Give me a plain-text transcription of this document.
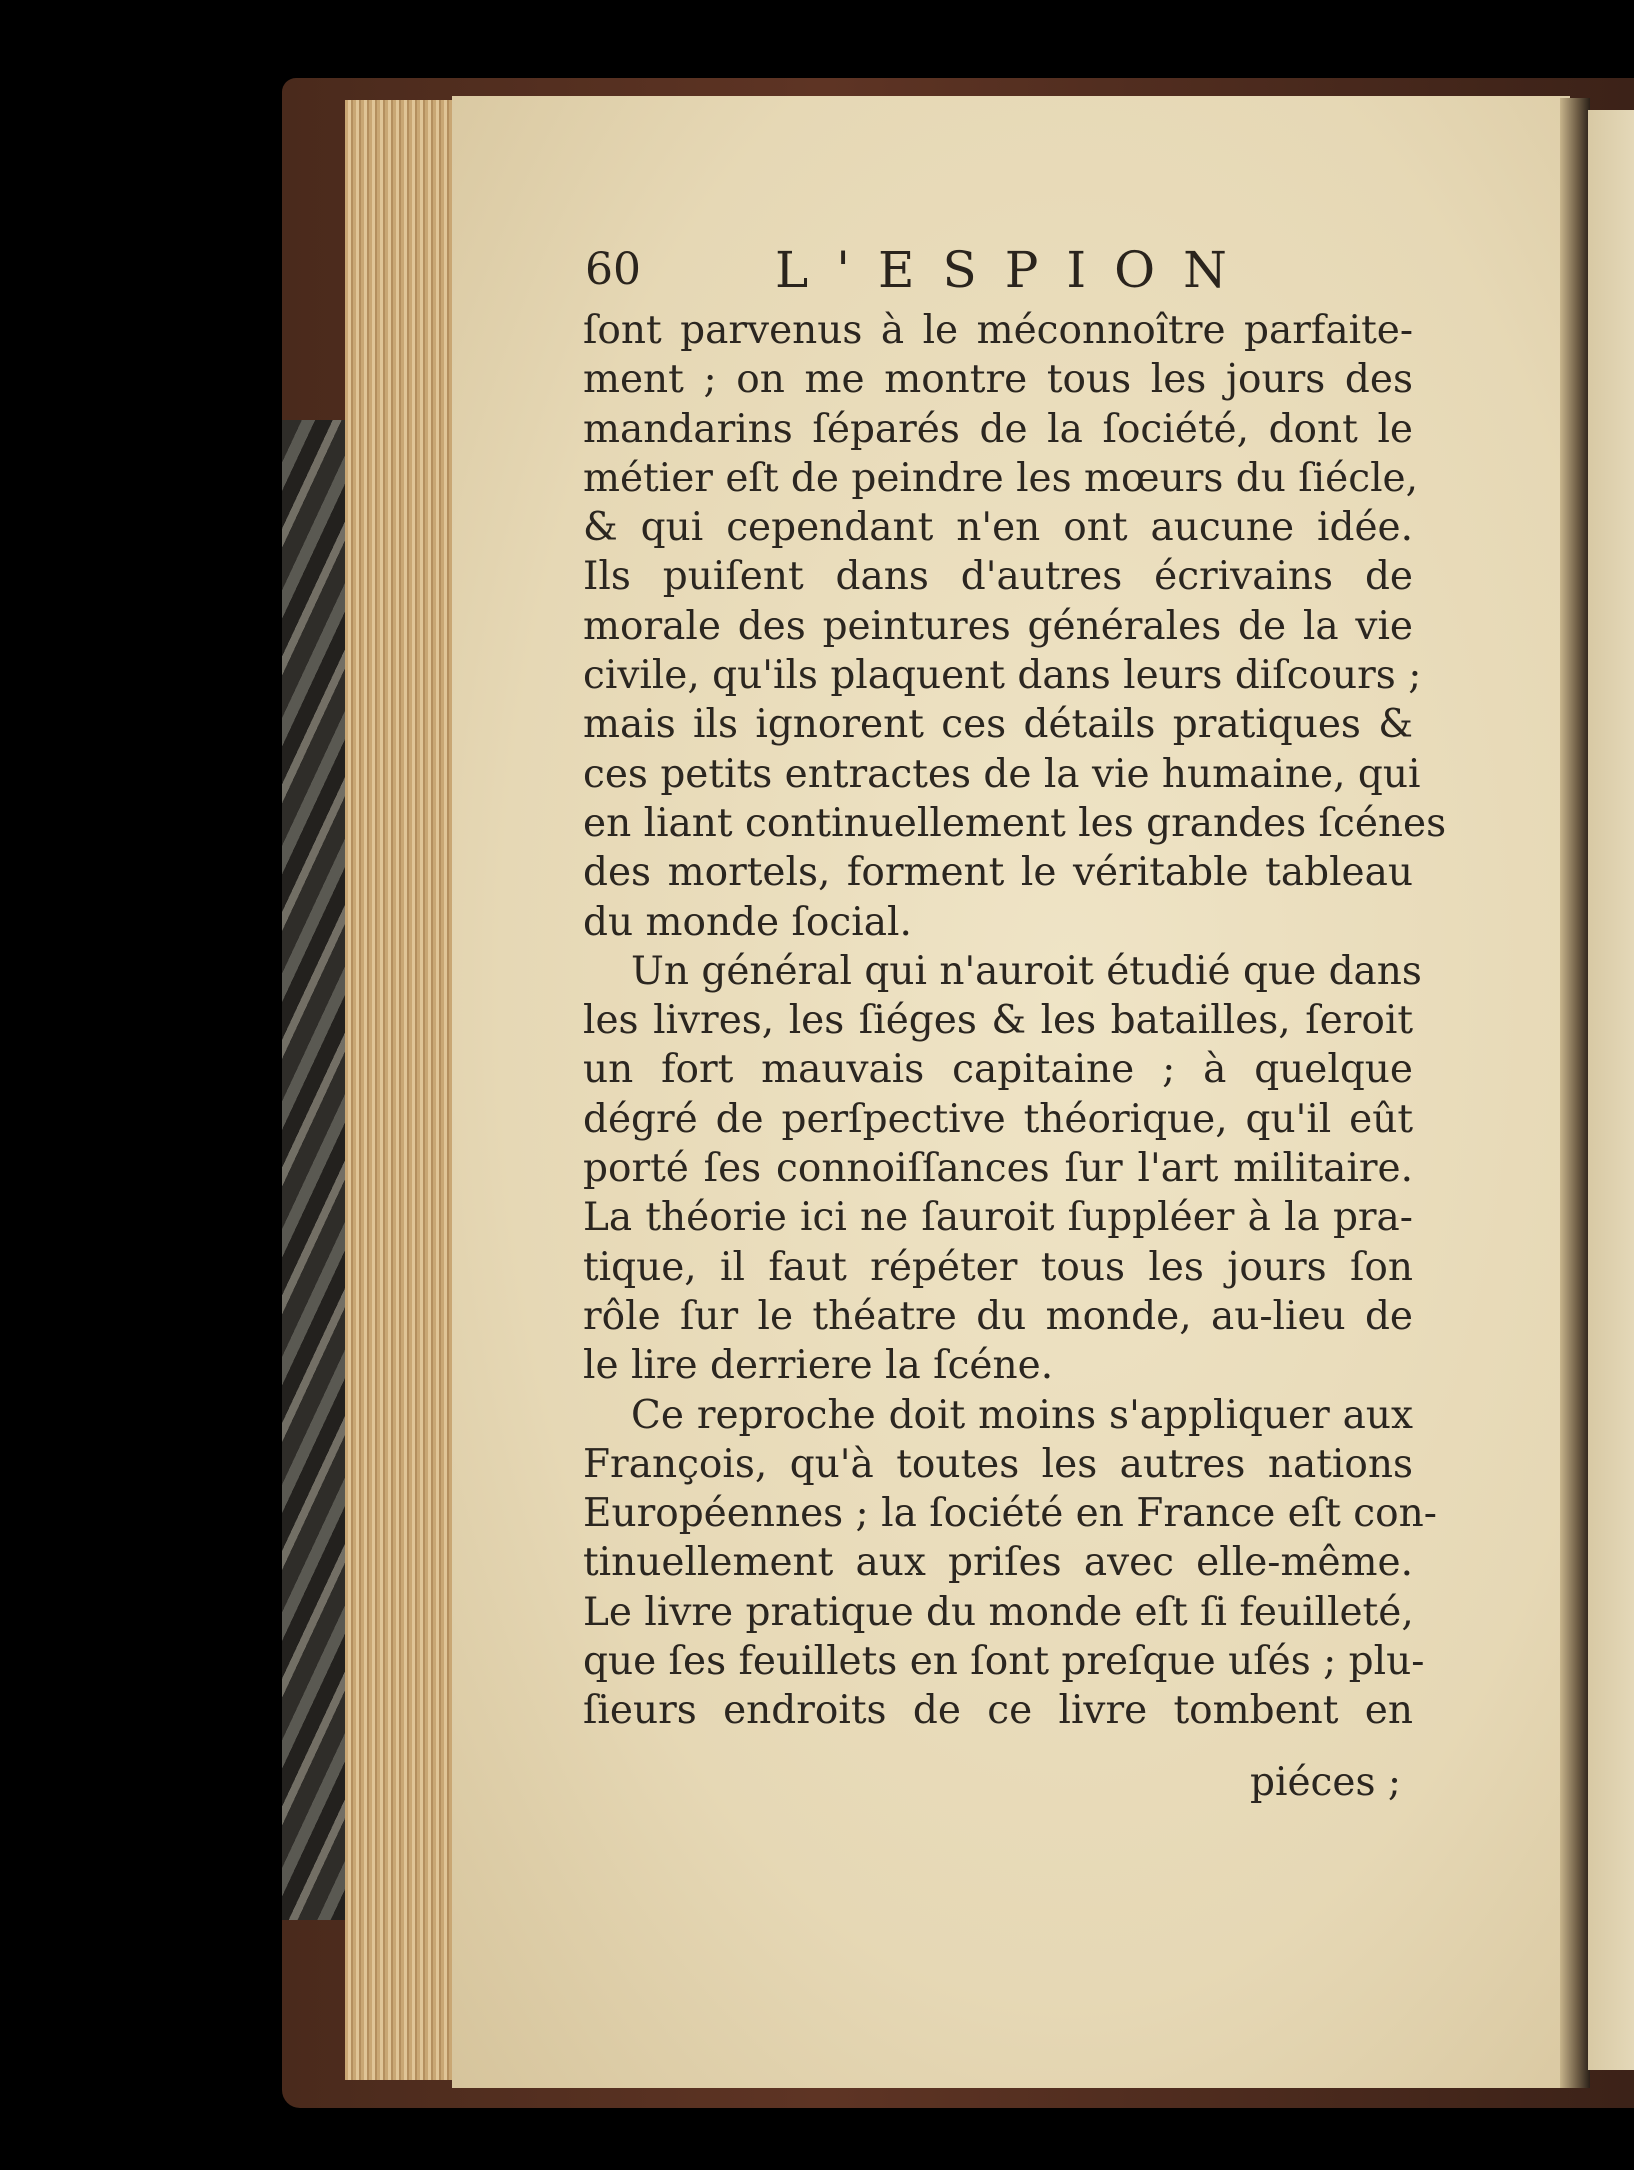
60	L'ESPION
ſont parvenus à le méconnoître parfaite-
ment ; on me montre tous les jours des
mandarins ſéparés de la ſociété, dont le
métier eſt de peindre les mœurs du ſiécle,
& qui cependant n'en ont aucune idée.
Ils puiſent dans d'autres écrivains de
morale des peintures générales de la vie
civile, qu'ils plaquent dans leurs diſcours ;
mais ils ignorent ces détails pratiques &
ces petits entractes de la vie humaine, qui
en liant continuellement les grandes ſcénes
des mortels, forment le véritable tableau
du monde ſocial.
Un général qui n'auroit étudié que dans
les livres, les ſiéges & les batailles, ſeroit
un fort mauvais capitaine ; à quelque
dégré de perſpective théorique, qu'il eût
porté ſes connoiſſances ſur l'art militaire.
La théorie ici ne ſauroit ſuppléer à la pra-
tique, il faut répéter tous les jours ſon
rôle ſur le théatre du monde, au-lieu de
le lire derriere la ſcéne.
Ce reproche doit moins s'appliquer aux
François, qu'à toutes les autres nations
Européennes ; la ſociété en France eſt con-
tinuellement aux priſes avec elle-même.
Le livre pratique du monde eſt ſi feuilleté,
que ſes feuillets en ſont preſque uſés ; plu-
ſieurs endroits de ce livre tombent en
piéces ;
